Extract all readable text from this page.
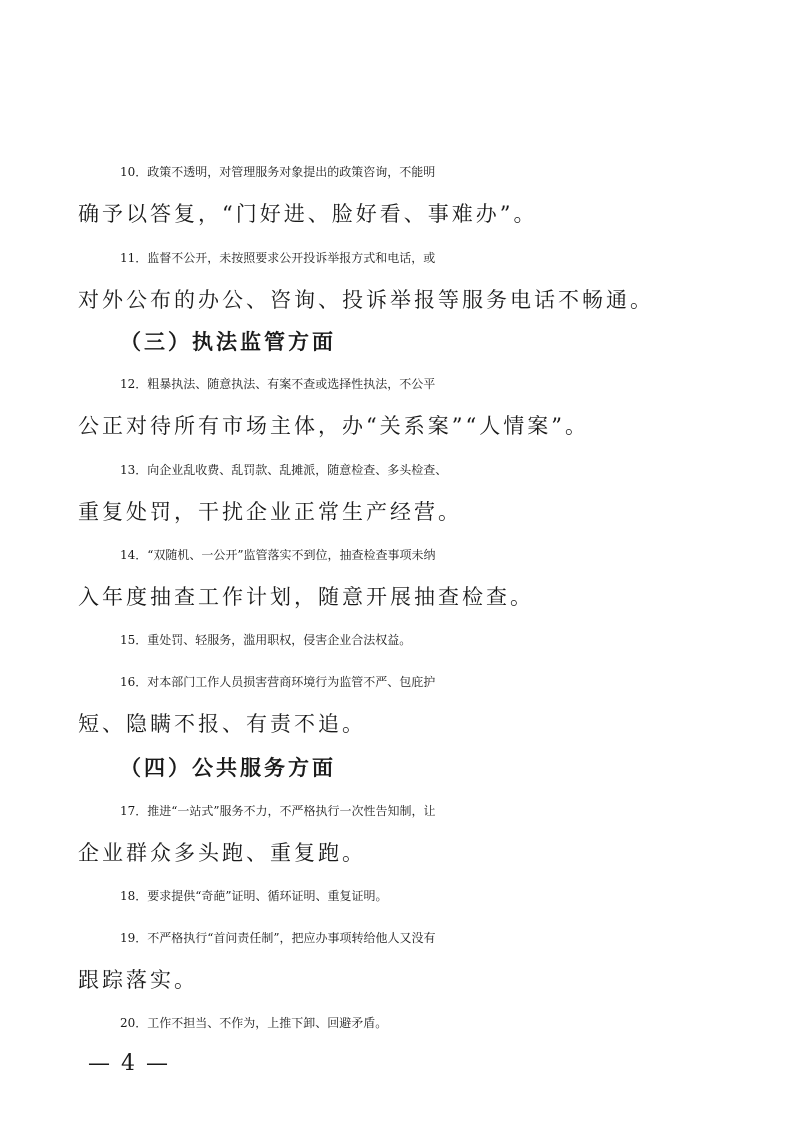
10．政策不透明，对管理服务对象提出的政策咨询，不能明
确予以答复，“门好进、脸好看、事难办”。
11．监督不公开，未按照要求公开投诉举报方式和电话，或
对外公布的办公、咨询、投诉举报等服务电话不畅通。
（三）执法监管方面
12．粗暴执法、随意执法、有案不查或选择性执法，不公平
公正对待所有市场主体，办“关系案”“人情案”。
13．向企业乱收费、乱罚款、乱摊派，随意检查、多头检查、
重复处罚，干扰企业正常生产经营。
14．“双随机、一公开”监管落实不到位，抽查检查事项未纳
入年度抽查工作计划，随意开展抽查检查。
15．重处罚、轻服务，滥用职权，侵害企业合法权益。
16．对本部门工作人员损害营商环境行为监管不严、包庇护
短、隐瞒不报、有责不追。
（四）公共服务方面
17．推进“一站式”服务不力，不严格执行一次性告知制，让
企业群众多头跑、重复跑。
18．要求提供“奇葩”证明、循环证明、重复证明。
19．不严格执行“首问责任制”，把应办事项转给他人又没有
跟踪落实。
20．工作不担当、不作为，上推下卸、回避矛盾。
— 4 —
